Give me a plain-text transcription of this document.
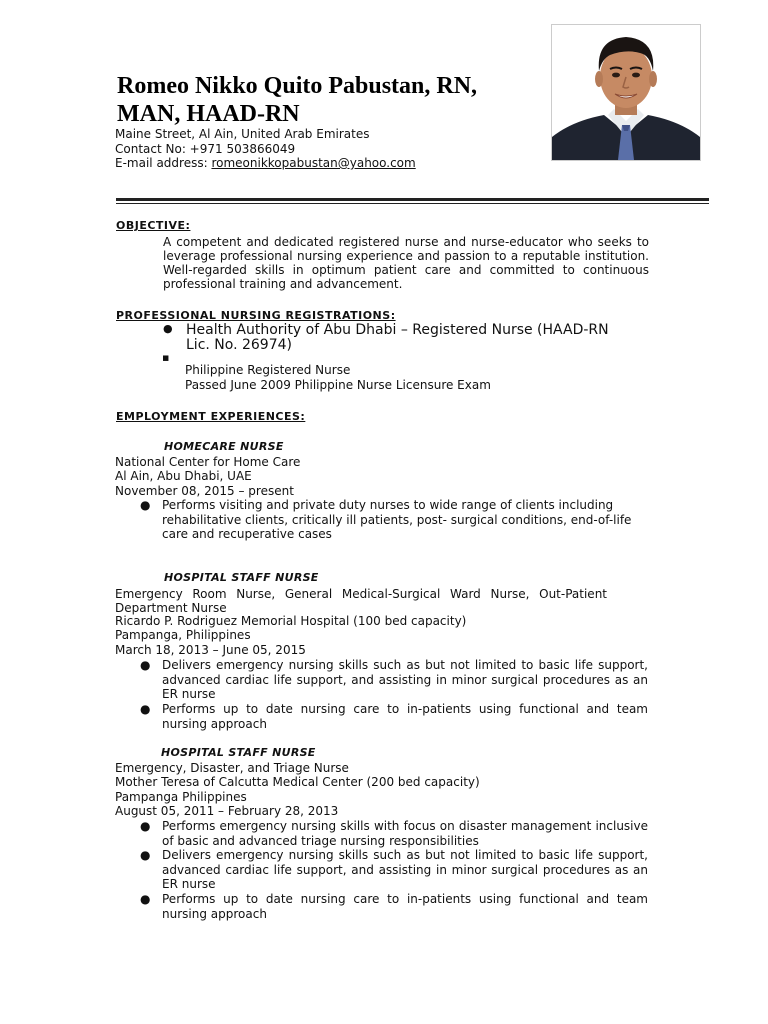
Romeo Nikko Quito Pabustan, RN,
MAN, HAAD-RN
Maine Street, Al Ain, United Arab Emirates
Contact No: +971 503866049
E-mail address: romeonikkopabustan@yahoo.com
OBJECTIVE:
A competent and dedicated registered nurse and nurse-educator who seeks to leverage professional nursing experience and passion to a reputable institution. Well-regarded skills in optimum patient care and committed to continuous professional training and advancement.
PROFESSIONAL NURSING REGISTRATIONS:
● Health Authority of Abu Dhabi – Registered Nurse (HAAD-RN Lic. No. 26974)
▪
Philippine Registered Nurse
Passed June 2009 Philippine Nurse Licensure Exam
EMPLOYMENT EXPERIENCES:
HOMECARE NURSE
National Center for Home Care
Al Ain, Abu Dhabi, UAE
November 08, 2015 – present
● Performs visiting and private duty nurses to wide range of clients including rehabilitative clients, critically ill patients, post- surgical conditions, end-of-life care and recuperative cases
HOSPITAL STAFF NURSE
Emergency Room Nurse, General Medical-Surgical Ward Nurse, Out-Patient Department Nurse
Ricardo P. Rodriguez Memorial Hospital (100 bed capacity)
Pampanga, Philippines
March 18, 2013 – June 05, 2015
● Delivers emergency nursing skills such as but not limited to basic life support, advanced cardiac life support, and assisting in minor surgical procedures as an ER nurse
● Performs up to date nursing care to in-patients using functional and team nursing approach
HOSPITAL STAFF NURSE
Emergency, Disaster, and Triage Nurse
Mother Teresa of Calcutta Medical Center (200 bed capacity)
Pampanga Philippines
August 05, 2011 – February 28, 2013
● Performs emergency nursing skills with focus on disaster management inclusive of basic and advanced triage nursing responsibilities
● Delivers emergency nursing skills such as but not limited to basic life support, advanced cardiac life support, and assisting in minor surgical procedures as an ER nurse
● Performs up to date nursing care to in-patients using functional and team nursing approach
